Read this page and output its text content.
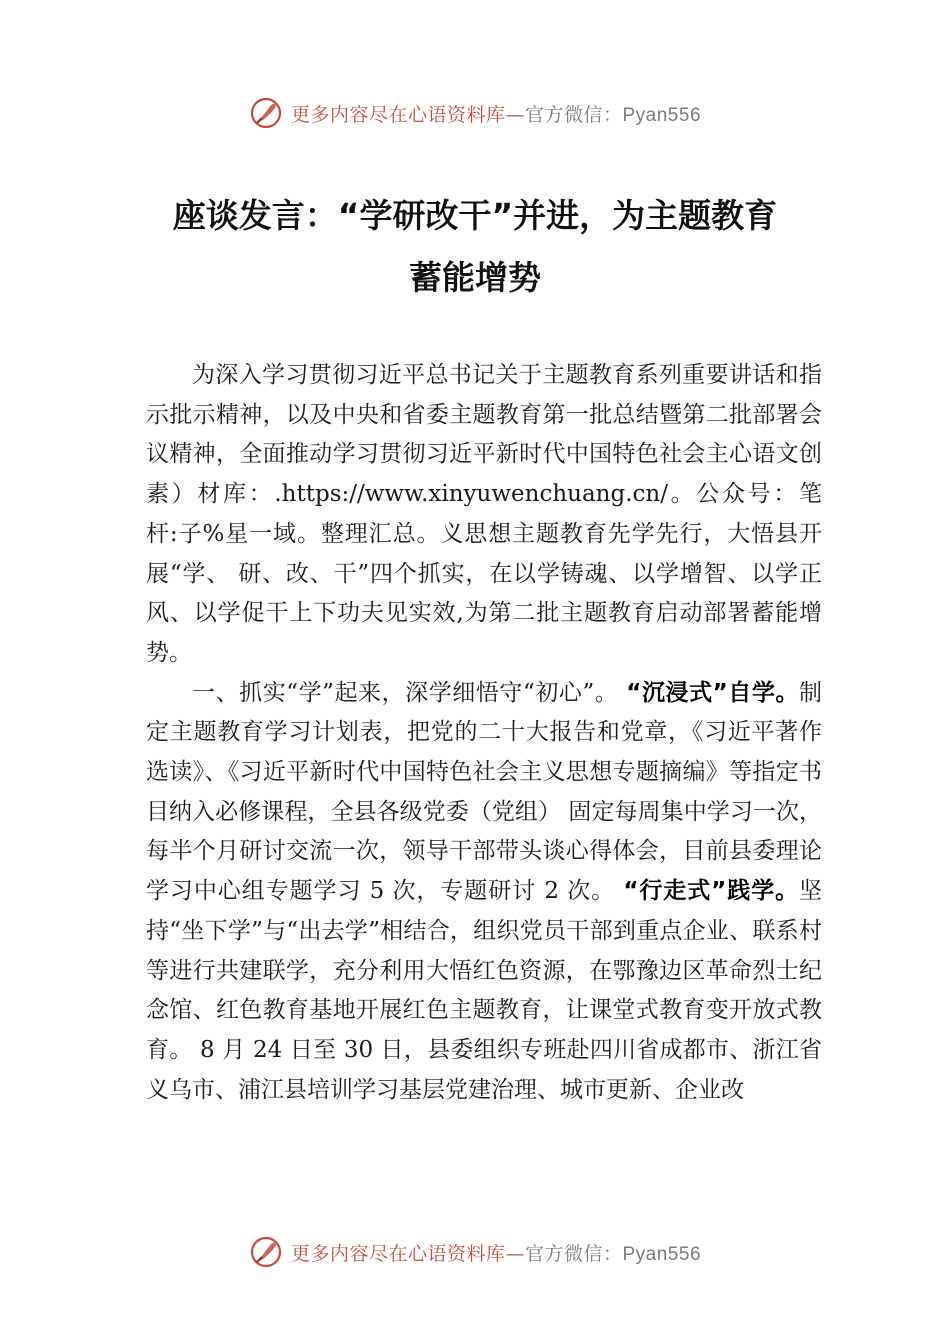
更多内容尽在心语资料库—官方微信：Pyan556
座谈发言：“学研改干”并进，为主题教育
蓄能增势

为深入学习贯彻习近平总书记关于主题教育系列重要讲话和指示批示精神，以及中央和省委主题教育第一批总结暨第二批部署会议精神，全面推动学习贯彻习近平新时代中国特色社会主心语文创素）材库：.https://www.xinyuwenchuang.cn/。公众号：笔杆:子%星一域。整理汇总。义思想主题教育先学先行，大悟县开展“学、 研、改、干”四个抓实，在以学铸魂、以学增智、以学正风、以学促干上下功夫见实效,为第二批主题教育启动部署蓄能增势。

一、抓实“学”起来，深学细悟守“初心”。 “沉浸式”自学。制定主题教育学习计划表，把党的二十大报告和党章，《习近平著作选读》、《习近平新时代中国特色社会主义思想专题摘编》等指定书目纳入必修课程，全县各级党委（党组） 固定每周集中学习一次，每半个月研讨交流一次，领导干部带头谈心得体会，目前县委理论学习中心组专题学习 5 次，专题研讨 2 次。 “行走式”践学。坚持“坐下学”与“出去学”相结合，组织党员干部到重点企业、联系村等进行共建联学，充分利用大悟红色资源，在鄂豫边区革命烈士纪念馆、红色教育基地开展红色主题教育，让课堂式教育变开放式教育。 8 月 24 日至 30 日，县委组织专班赴四川省成都市、浙江省义乌市、浦江县培训学习基层党建治理、城市更新、企业改

更多内容尽在心语资料库—官方微信：Pyan556
